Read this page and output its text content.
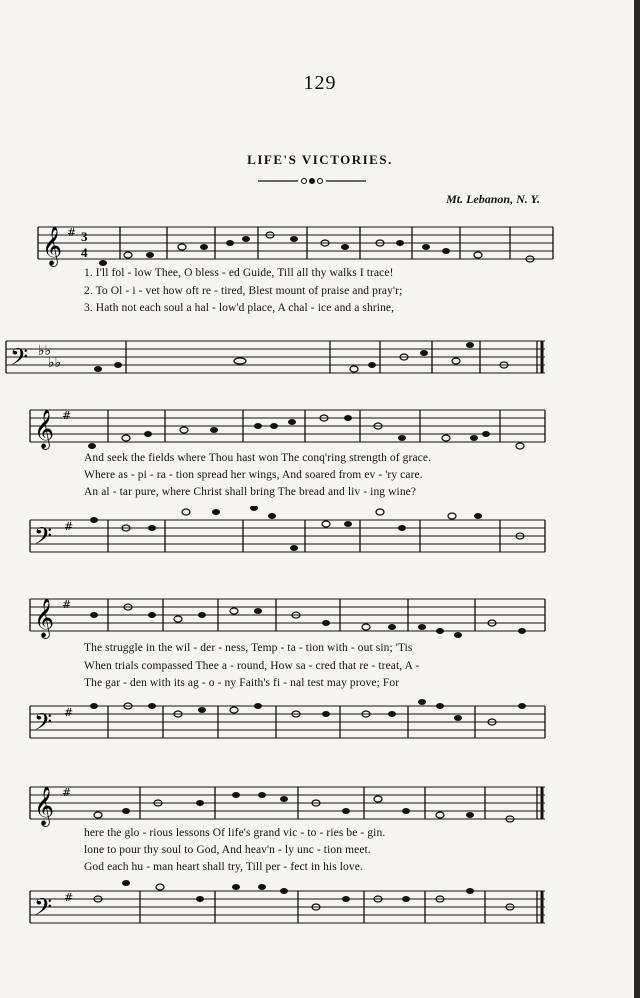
129
LIFE'S VICTORIES.
Mt. Lebanon, N. Y.
𝄞 # 3
4
1. I'll fol - low Thee, O bless - ed Guide, Till all thy walks I trace!
2. To Ol - i - vet how oft re - tired, Blest mount of praise and pray'r;
3. Hath not each soul a hal - low'd place, A chal - ice and a shrine,
𝄢 ♭♭
♭♭
𝄞 #
And seek the fields where Thou hast won The conq'ring strength of grace.
Where as - pi - ra - tion spread her wings, And soared from ev - 'ry care.
An al - tar pure, where Christ shall bring The bread and liv - ing wine?
𝄢 #
𝄞 #
The struggle in the wil - der - ness, Temp - ta - tion with - out sin; 'Tis
When trials compassed Thee a - round, How sa - cred that re - treat, A -
The gar - den with its ag - o - ny Faith's fi - nal test may prove; For
𝄢 #
𝄞 #
here the glo - rious lessons Of life's grand vic - to - ries be - gin.
lone to pour thy soul to God, And heav'n - ly unc - tion meet.
God each hu - man heart shall try, Till per - fect in his love.
𝄢 #
